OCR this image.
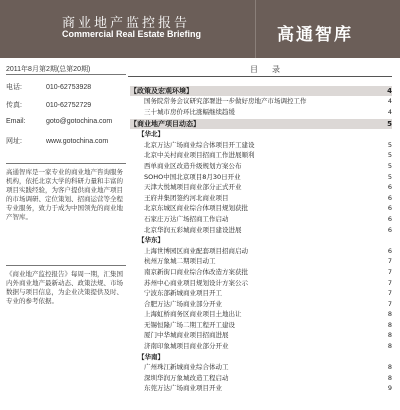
商业地产监控报告
Commercial Real Estate Briefing	高通智库
2011年8月第2期(总第20期)
电话:	010-62753928
传真:	010-62752729
Email:	goto@gotochina.com
网址:	www.gotochina.com
高通智库是一家专业的商业地产咨询服务机构，依托北京大学的科研力量和丰富的项目实践经验，为客户提供商业地产项目的市场调研、定位策划、招商运营等全程专业服务，致力于成为中国领先的商业地产智库。
《商业地产监控报告》每周一期，汇集国内外商业地产最新动态、政策法规、市场数据与项目信息，为企业决策提供及时、专业的参考依据。
目录
【政策及宏观环境】	4
国务院常务会议研究部署进一步做好房地产市场调控工作	4
三十城市房价环比涨幅继续趋缓	4
【商业地产项目动态】	5
【华北】
北京万达广场商业综合体项目开工建设	5
北京中关村商业项目招商工作进展顺利	5
西单商业区改造升级规划方案公布	5
SOHO中国北京项目8月30日开业	5
天津大悦城项目商业部分正式开业	6
王府井集团签约河北商业项目	6
北京东城区商业综合体项目规划获批	6
石家庄万达广场招商工作启动	6
北京华润五彩城商业项目建设进展	6
【华东】
上海世博园区商业配套项目招商启动	6
杭州万象城二期项目动工	7
南京新街口商业综合体改造方案获批	7
苏州中心商业项目规划设计方案公示	7
宁波东部新城商业项目开工	7
合肥万达广场商业部分开业	7
上海虹桥商务区商业项目土地出让	8
无锡恒隆广场二期工程开工建设	8
厦门中华城商业项目招商进展	8
济南印象城项目商业部分开业	8
【华南】
广州珠江新城商业综合体动工	8
深圳华润万象城改造工程启动	8
东莞万达广场商业项目开业	9
